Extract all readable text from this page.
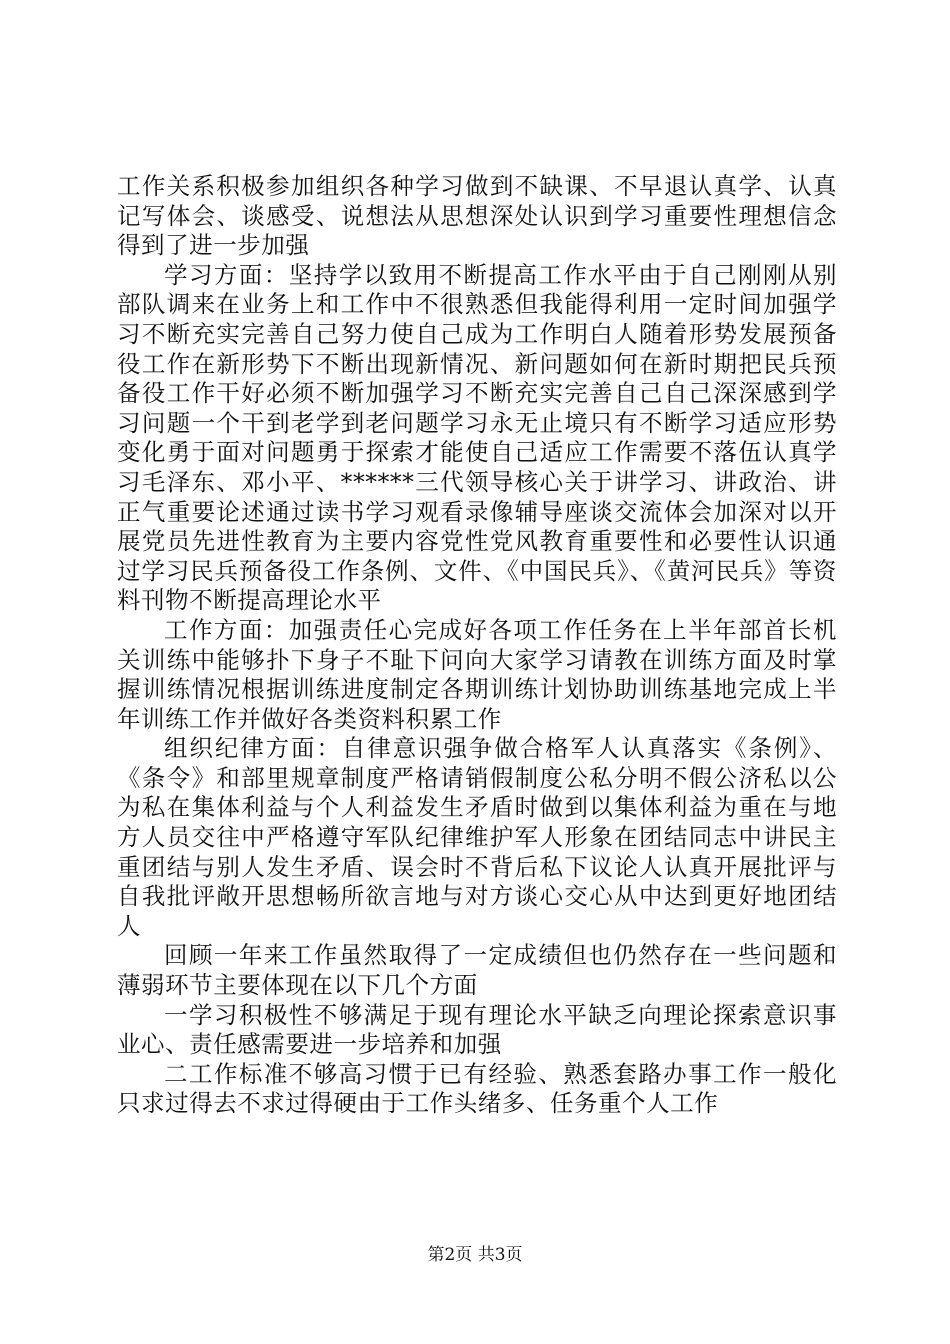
工作关系积极参加组织各种学习做到不缺课、不早退认真学、认真记写体会、谈感受、说想法从思想深处认识到学习重要性理想信念得到了进一步加强

学习方面：坚持学以致用不断提高工作水平由于自己刚刚从别部队调来在业务上和工作中不很熟悉但我能得利用一定时间加强学习不断充实完善自己努力使自己成为工作明白人随着形势发展预备役工作在新形势下不断出现新情况、新问题如何在新时期把民兵预备役工作干好必须不断加强学习不断充实完善自己自己深深感到学习问题一个干到老学到老问题学习永无止境只有不断学习适应形势变化勇于面对问题勇于探索才能使自己适应工作需要不落伍认真学习毛泽东、邓小平、******三代领导核心关于讲学习、讲政治、讲正气重要论述通过读书学习观看录像辅导座谈交流体会加深对以开展党员先进性教育为主要内容党性党风教育重要性和必要性认识通过学习民兵预备役工作条例、文件、《中国民兵》、《黄河民兵》等资料刊物不断提高理论水平

工作方面：加强责任心完成好各项工作任务在上半年部首长机关训练中能够扑下身子不耻下问向大家学习请教在训练方面及时掌握训练情况根据训练进度制定各期训练计划协助训练基地完成上半年训练工作并做好各类资料积累工作

组织纪律方面：自律意识强争做合格军人认真落实《条例》、《条令》和部里规章制度严格请销假制度公私分明不假公济私以公为私在集体利益与个人利益发生矛盾时做到以集体利益为重在与地方人员交往中严格遵守军队纪律维护军人形象在团结同志中讲民主重团结与别人发生矛盾、误会时不背后私下议论人认真开展批评与自我批评敞开思想畅所欲言地与对方谈心交心从中达到更好地团结人

回顾一年来工作虽然取得了一定成绩但也仍然存在一些问题和薄弱环节主要体现在以下几个方面

一学习积极性不够满足于现有理论水平缺乏向理论探索意识事业心、责任感需要进一步培养和加强

二工作标准不够高习惯于已有经验、熟悉套路办事工作一般化只求过得去不求过得硬由于工作头绪多、任务重个人工作

第2页 共3页
